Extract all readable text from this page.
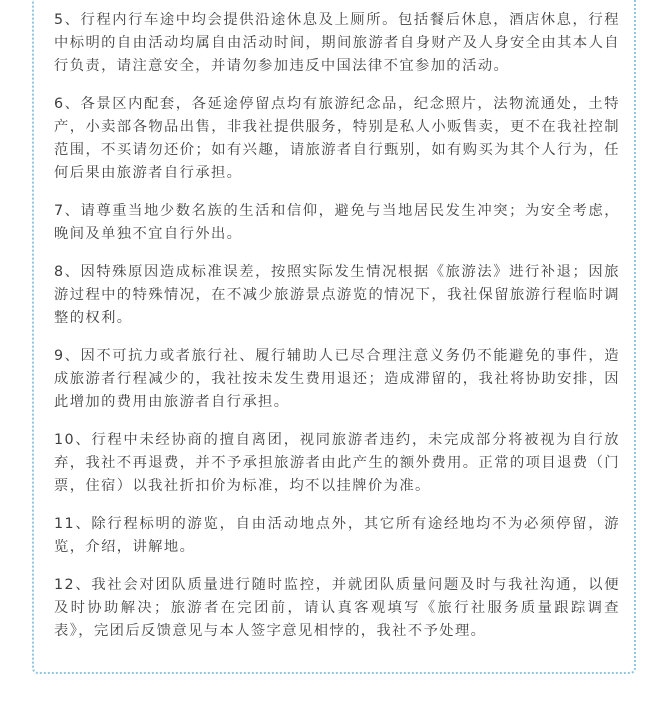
5、行程内行车途中均会提供沿途休息及上厕所。包括餐后休息，酒店休息，行程中标明的自由活动均属自由活动时间，期间旅游者自身财产及人身安全由其本人自行负责，请注意安全，并请勿参加违反中国法律不宜参加的活动。
6、各景区内配套，各延途停留点均有旅游纪念品，纪念照片，法物流通处，土特产，小卖部各物品出售，非我社提供服务，特别是私人小贩售卖，更不在我社控制范围，不买请勿还价；如有兴趣，请旅游者自行甄别，如有购买为其个人行为，任何后果由旅游者自行承担。
7、请尊重当地少数名族的生活和信仰，避免与当地居民发生冲突；为安全考虑，晚间及单独不宜自行外出。
8、因特殊原因造成标准误差，按照实际发生情况根据《旅游法》进行补退；因旅游过程中的特殊情况，在不减少旅游景点游览的情况下，我社保留旅游行程临时调整的权利。
9、因不可抗力或者旅行社、履行辅助人已尽合理注意义务仍不能避免的事件，造成旅游者行程减少的，我社按未发生费用退还；造成滞留的，我社将协助安排，因此增加的费用由旅游者自行承担。
10、行程中未经协商的擅自离团，视同旅游者违约，未完成部分将被视为自行放弃，我社不再退费，并不予承担旅游者由此产生的额外费用。正常的项目退费（门票，住宿）以我社折扣价为标准，均不以挂牌价为准。
11、除行程标明的游览，自由活动地点外，其它所有途经地均不为必须停留，游览，介绍，讲解地。
12、我社会对团队质量进行随时监控，并就团队质量问题及时与我社沟通，以便及时协助解决；旅游者在完团前，请认真客观填写《旅行社服务质量跟踪调查表》，完团后反馈意见与本人签字意见相悖的，我社不予处理。
